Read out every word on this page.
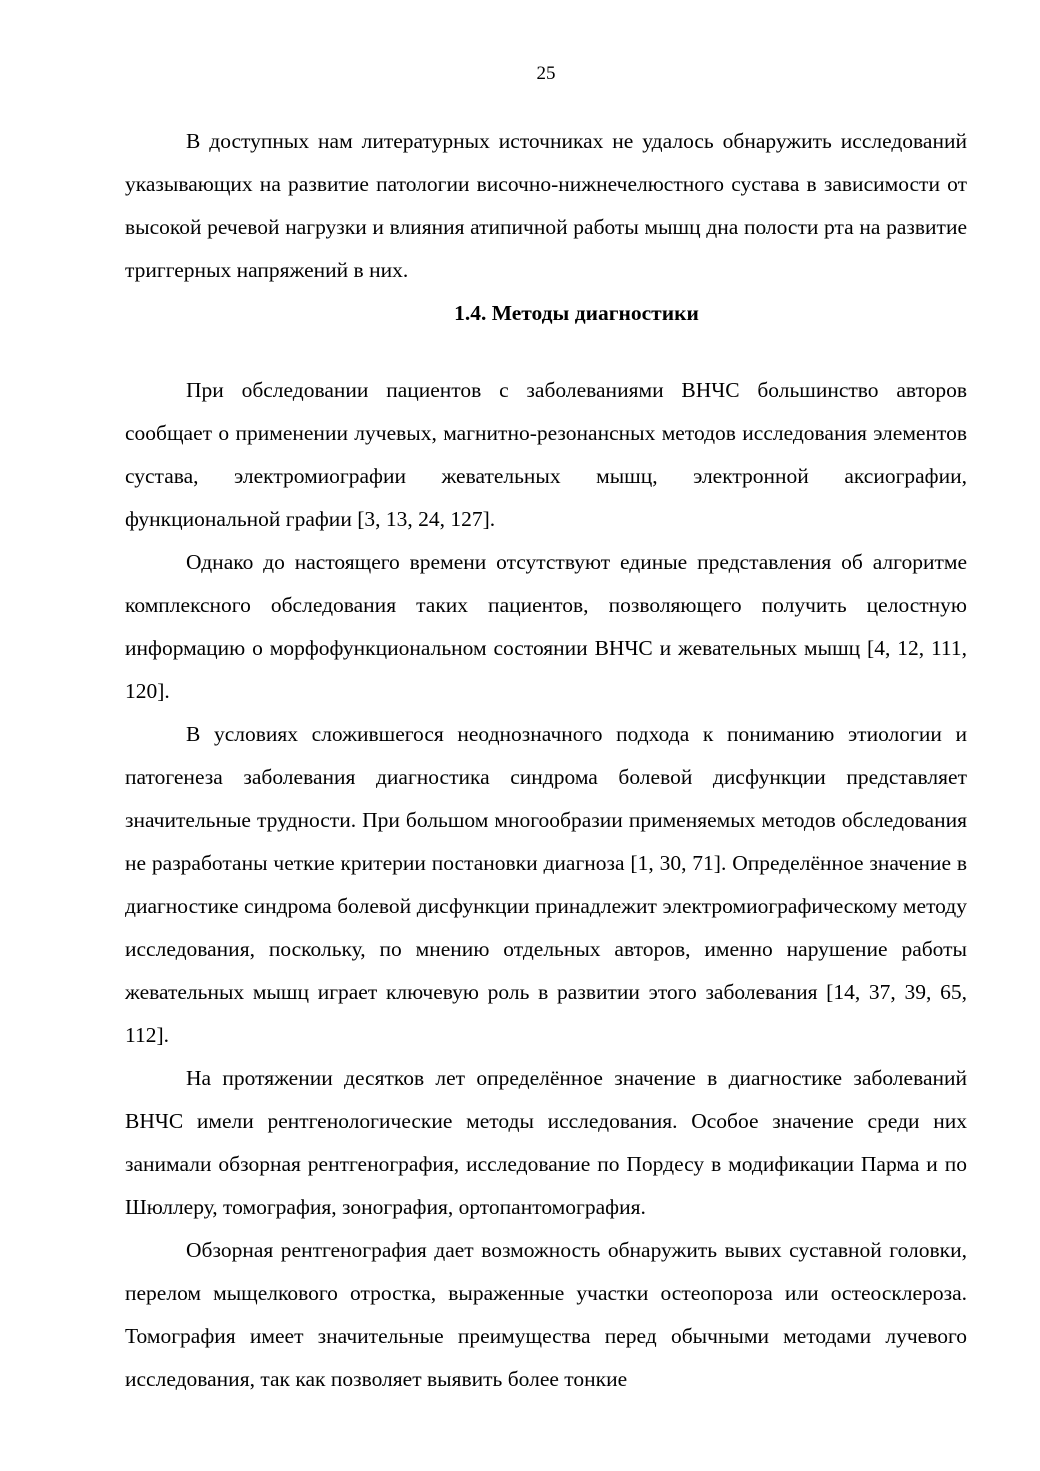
25

В доступных нам литературных источниках не удалось обнаружить исследований указывающих на развитие патологии височно-нижнечелюстного сустава в зависимости от высокой речевой нагрузки и влияния атипичной работы мышц дна полости рта на развитие триггерных напряжений в них.

1.4. Методы диагностики

При обследовании пациентов с заболеваниями ВНЧС большинство авторов сообщает о применении лучевых, магнитно-резонансных методов исследования элементов сустава, электромиографии жевательных мышц, электронной аксиографии, функциональной графии [3, 13, 24, 127].

Однако до настоящего времени отсутствуют единые представления об алгоритме комплексного обследования таких пациентов, позволяющего получить целостную информацию о морфофункциональном состоянии ВНЧС и жевательных мышц [4, 12, 111, 120].

В условиях сложившегося неоднозначного подхода к пониманию этиологии и патогенеза заболевания диагностика синдрома болевой дисфункции представляет значительные трудности. При большом многообразии применяемых методов обследования не разработаны четкие критерии постановки диагноза [1, 30, 71]. Определённое значение в диагностике синдрома болевой дисфункции принадлежит электромиографическому методу исследования, поскольку, по мнению отдельных авторов, именно нарушение работы жевательных мышц играет ключевую роль в развитии этого заболевания [14, 37, 39, 65, 112].

На протяжении десятков лет определённое значение в диагностике заболеваний ВНЧС имели рентгенологические методы исследования. Особое значение среди них занимали обзорная рентгенография, исследование по Пордесу в модификации Парма и по Шюллеру, томография, зонография, ортопантомография.

Обзорная рентгенография дает возможность обнаружить вывих суставной головки, перелом мыщелкового отростка, выраженные участки остеопороза или остеосклероза. Томография имеет значительные преимущества перед обычными методами лучевого исследования, так как позволяет выявить более тонкие
